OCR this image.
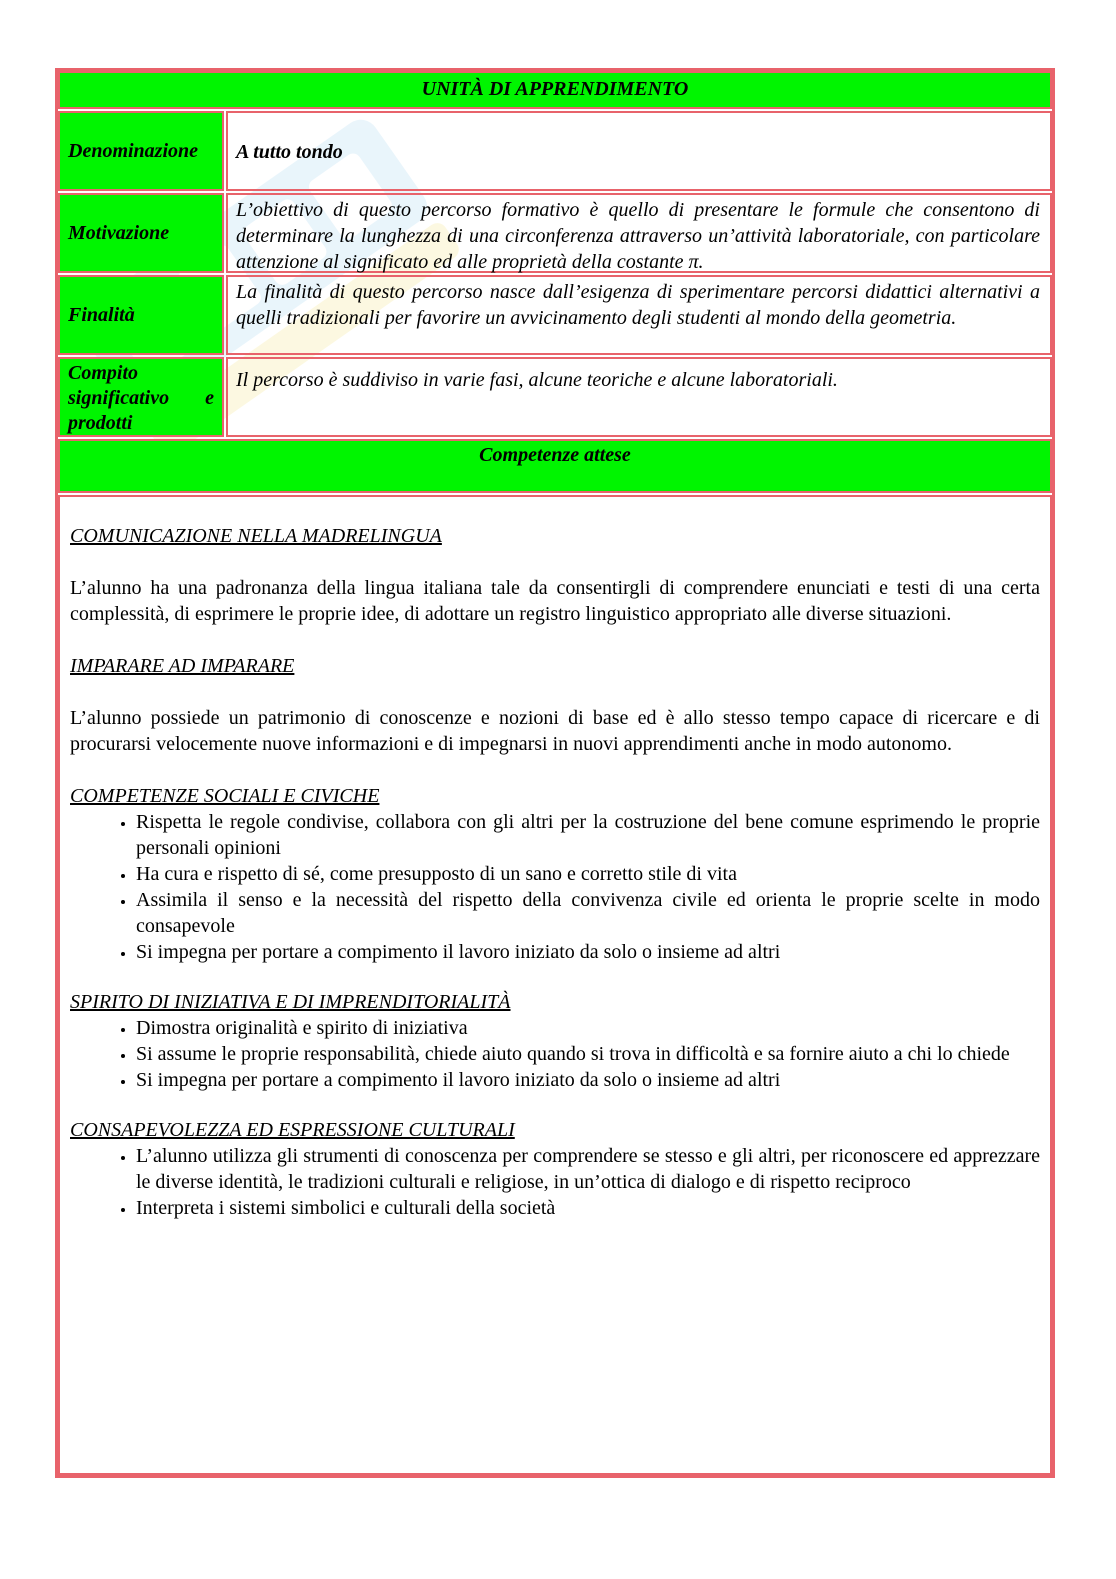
UNITÀ DI APPRENDIMENTO
Denominazione	A tutto tondo
Motivazione
L’obiettivo di questo percorso formativo è quello di presentare le formule che consentono di determinare la lunghezza di una circonferenza attraverso un’attività laboratoriale, con particolare attenzione al significato ed alle proprietà della costante π.
Finalità
La finalità di questo percorso nasce dall’esigenza di sperimentare percorsi didattici alternativi a quelli tradizionali per favorire un avvicinamento degli studenti al mondo della geometria.
Compito significativo e prodotti
Il percorso è suddiviso in varie fasi, alcune teoriche e alcune laboratoriali.
Competenze attese
COMUNICAZIONE NELLA MADRELINGUA
L’alunno ha una padronanza della lingua italiana tale da consentirgli di comprendere enunciati e testi di una certa complessità, di esprimere le proprie idee, di adottare un registro linguistico appropriato alle diverse situazioni.
IMPARARE AD IMPARARE
L’alunno possiede un patrimonio di conoscenze e nozioni di base ed è allo stesso tempo capace di ricercare e di procurarsi velocemente nuove informazioni e di impegnarsi in nuovi apprendimenti anche in modo autonomo.
COMPETENZE SOCIALI E CIVICHE
• Rispetta le regole condivise, collabora con gli altri per la costruzione del bene comune esprimendo le proprie personali opinioni
• Ha cura e rispetto di sé, come presupposto di un sano e corretto stile di vita
• Assimila il senso e la necessità del rispetto della convivenza civile ed orienta le proprie scelte in modo consapevole
• Si impegna per portare a compimento il lavoro iniziato da solo o insieme ad altri
SPIRITO DI INIZIATIVA E DI IMPRENDITORIALITÀ
• Dimostra originalità e spirito di iniziativa
• Si assume le proprie responsabilità, chiede aiuto quando si trova in difficoltà e sa fornire aiuto a chi lo chiede
• Si impegna per portare a compimento il lavoro iniziato da solo o insieme ad altri
CONSAPEVOLEZZA ED ESPRESSIONE CULTURALI
• L’alunno utilizza gli strumenti di conoscenza per comprendere se stesso e gli altri, per riconoscere ed apprezzare le diverse identità, le tradizioni culturali e religiose, in un’ottica di dialogo e di rispetto reciproco
• Interpreta i sistemi simbolici e culturali della società
